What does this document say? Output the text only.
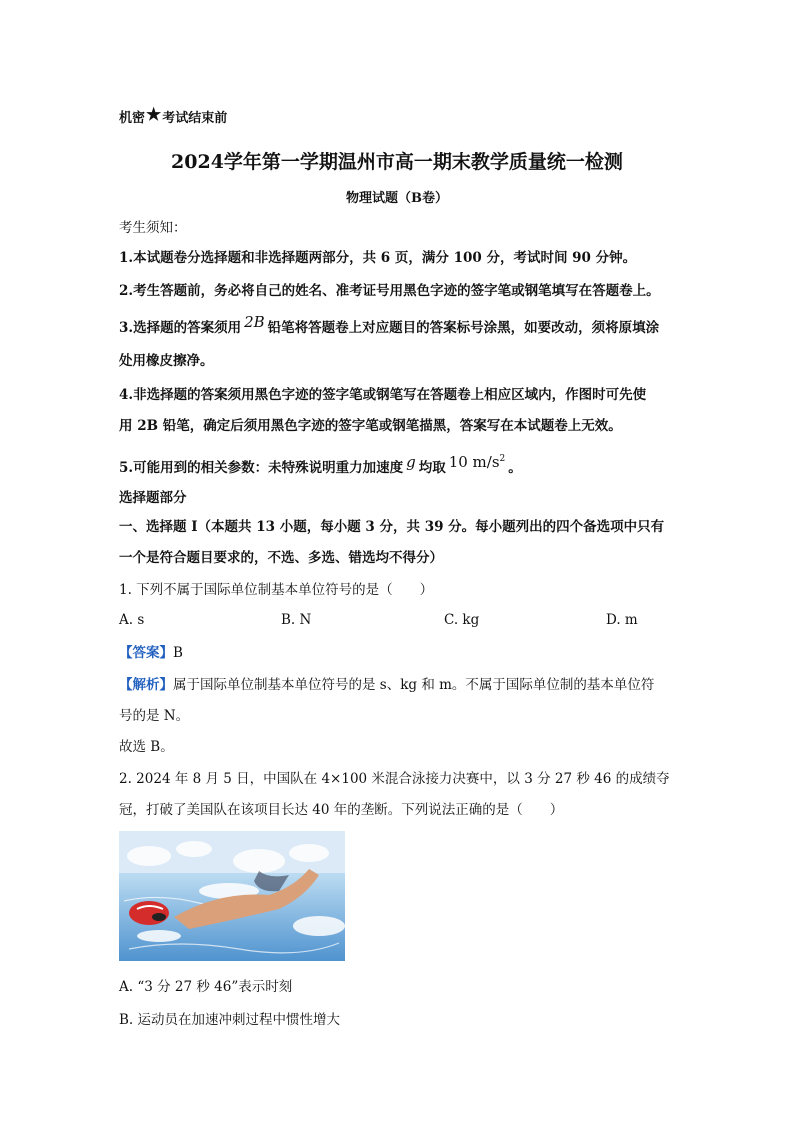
机密 ★ 考试结束前
2024学年第一学期温州市高一期末教学质量统一检测
物理试题（B卷）
考生须知：
1.本试题卷分选择题和非选择题两部分，共 6 页，满分 100 分，考试时间 90 分钟。
2.考生答题前，务必将自己的姓名、准考证号用黑色字迹的签字笔或钢笔填写在答题卷上。
3.选择题的答案须用 2B 铅笔将答题卷上对应题目的答案标号涂黑，如要改动，须将原填涂
处用橡皮擦净。
4.非选择题的答案须用黑色字迹的签字笔或钢笔写在答题卷上相应区域内，作图时可先使
用 2B 铅笔，确定后须用黑色字迹的签字笔或钢笔描黑，答案写在本试题卷上无效。
5.可能用到的相关参数：未特殊说明重力加速度 g 均取 10 $m/s^2$。
选择题部分
一、选择题 I（本题共 13 小题，每小题 3 分，共 39 分。每小题列出的四个备选项中只有
一个是符合题目要求的，不选、多选、错选均不得分）
1. 下列不属于国际单位制基本单位符号的是（　　）
A. s	B. N	C. kg	D. m
【答案】B
【解析】属于国际单位制基本单位符号的是 s、kg 和 m。不属于国际单位制的基本单位符
号的是 N。
故选 B。
2. 2024 年 8 月 5 日，中国队在 4×100 米混合泳接力决赛中，以 3 分 27 秒 46 的成绩夺
冠，打破了美国队在该项目长达 40 年的垄断。下列说法正确的是（　　）
A. “3 分 27 秒 46”表示时刻
B. 运动员在加速冲刺过程中惯性增大
